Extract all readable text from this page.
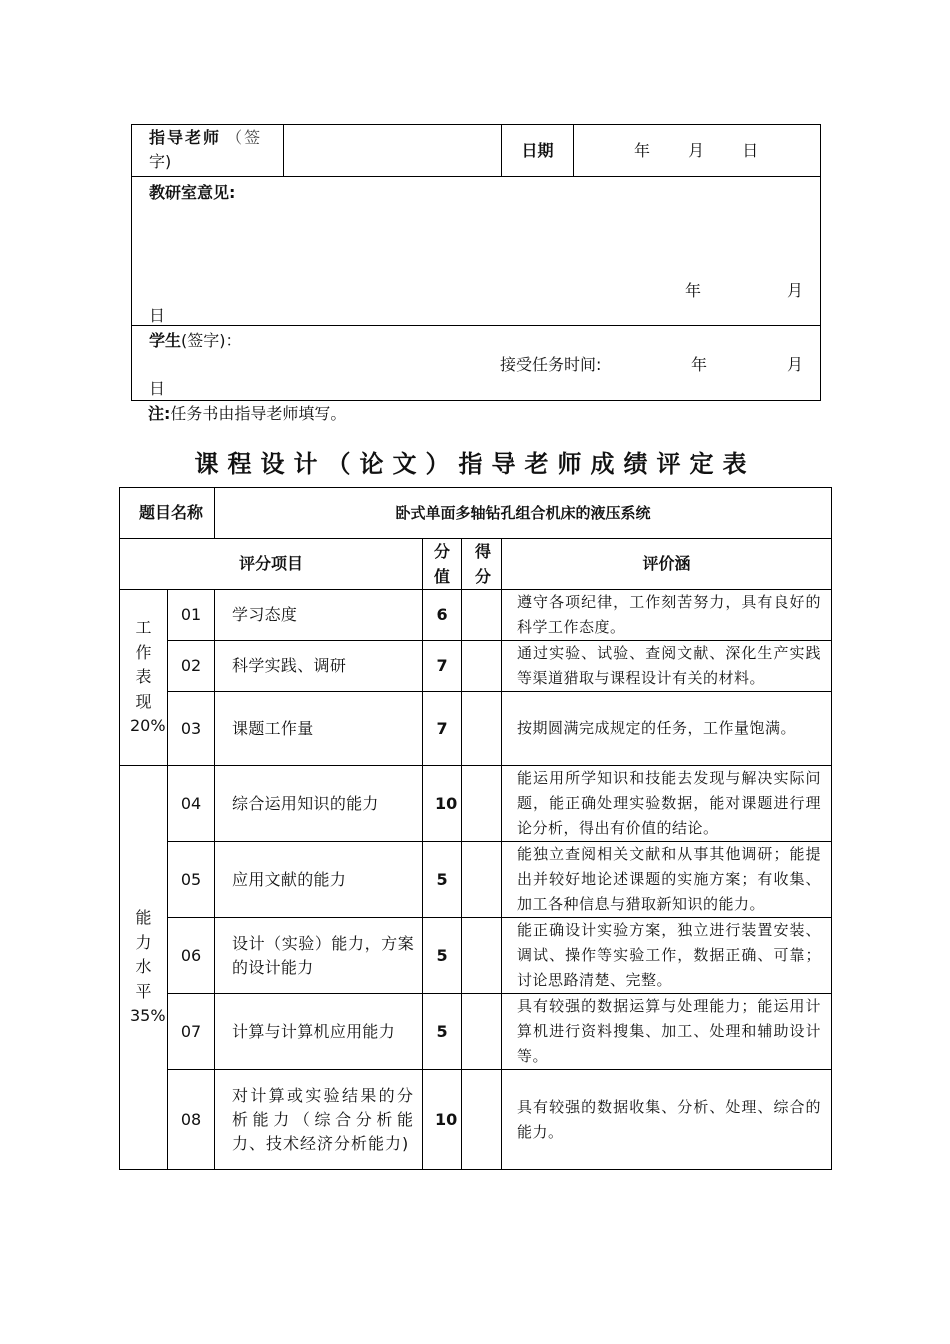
指导老师 （签
字)		日期	年 月 日

教研室意见:
年	月
日

学生(签字)：
接受任务时间:	年	月
日
注:任务书由指导老师填写。
课程设计（论文）指导老师成绩评定表
题目名称		卧式单面多轴钻孔组合机床的液压系统			
评分项目			分值	得分	评价涵
工作表现20%	01	学习态度	6		遵守各项纪律，工作刻苦努力，具有良好的科学工作态度。
	02	科学实践、调研	7		通过实验、试验、查阅文献、深化生产实践等渠道猎取与课程设计有关的材料。
	03	课题工作量	7		按期圆满完成规定的任务，工作量饱满。
能力水平35%	04	综合运用知识的能力	10		能运用所学知识和技能去发现与解决实际问题，能正确处理实验数据，能对课题进行理论分析，得出有价值的结论。
	05	应用文献的能力	5		能独立查阅相关文献和从事其他调研；能提出并较好地论述课题的实施方案；有收集、加工各种信息与猎取新知识的能力。
	06	设计（实验）能力，方案的设计能力	5		能正确设计实验方案，独立进行装置安装、调试、操作等实验工作，数据正确、可靠；讨论思路清楚、完整。
	07	计算与计算机应用能力	5		具有较强的数据运算与处理能力；能运用计算机进行资料搜集、加工、处理和辅助设计等。
	08	对计算或实验结果的分析能力（综合分析能力、技术经济分析能力)	10		具有较强的数据收集、分析、处理、综合的能力。
